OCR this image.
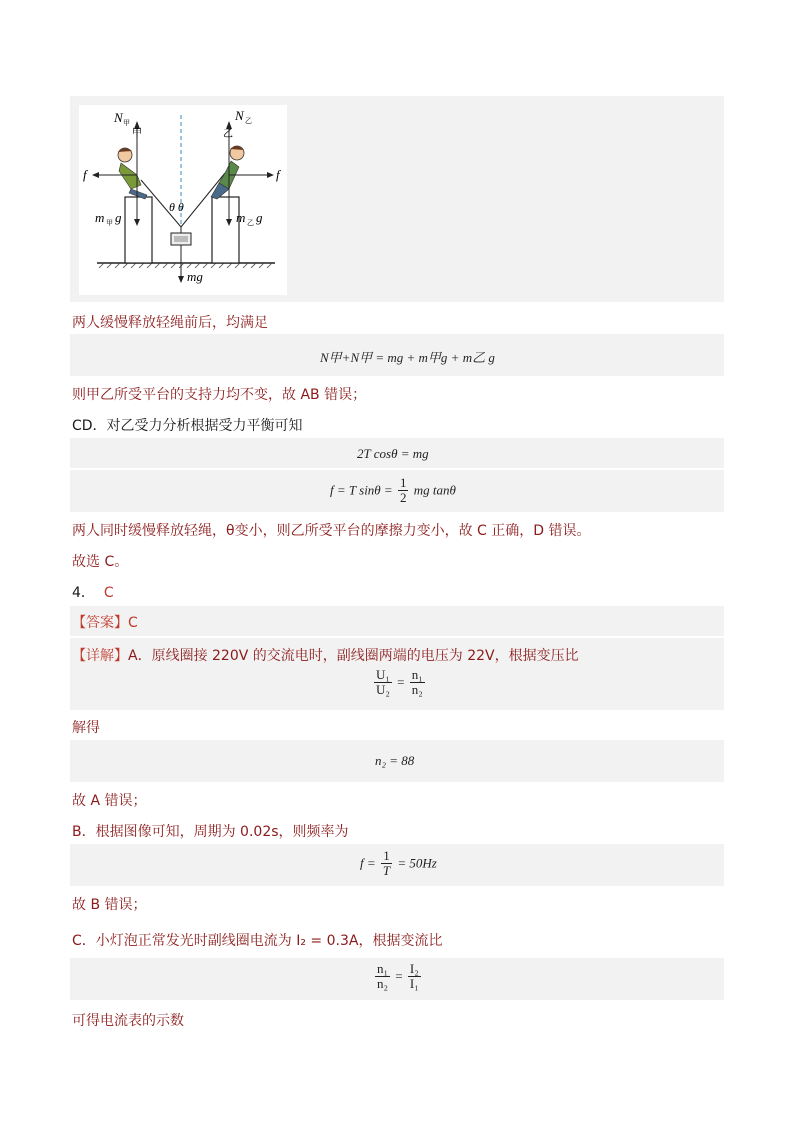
N 甲
甲
N 乙
乙
f	f
θ θ
m 甲 g	m 乙 g
mg
两人缓慢释放轻绳前后，均满足
N甲+N甲 = mg + m甲g + m乙 g
则甲乙所受平台的支持力均不变，故 AB 错误；
CD．对乙受力分析根据受力平衡可知
2T cosθ = mg
f = T $\sin\theta = \frac{1}{2}$ mg tanθ
两人同时缓慢释放轻绳，θ变小，则乙所受平台的摩擦力变小，故 C 正确，D 错误。
故选 C。
4． C
【答案】C
【详解】A．原线圈接 220V 的交流电时，副线圈两端的电压为 22V，根据变压比
$\frac{\text{U₁}}{\text{U₂}} = \frac{\text{n₁}}{\text{n₂}}$
解得
n₂ = 88
故 A 错误；
B．根据图像可知，周期为 0.02s，则频率为
$f = \frac{1}{T} = 50Hz$
故 B 错误；
C．小灯泡正常发光时副线圈电流为 I₂ = 0.3A，根据变流比
$\frac{\text{n₁}}{\text{n₂}} = \frac{\text{I₂}}{\text{I₁}}$
可得电流表的示数
